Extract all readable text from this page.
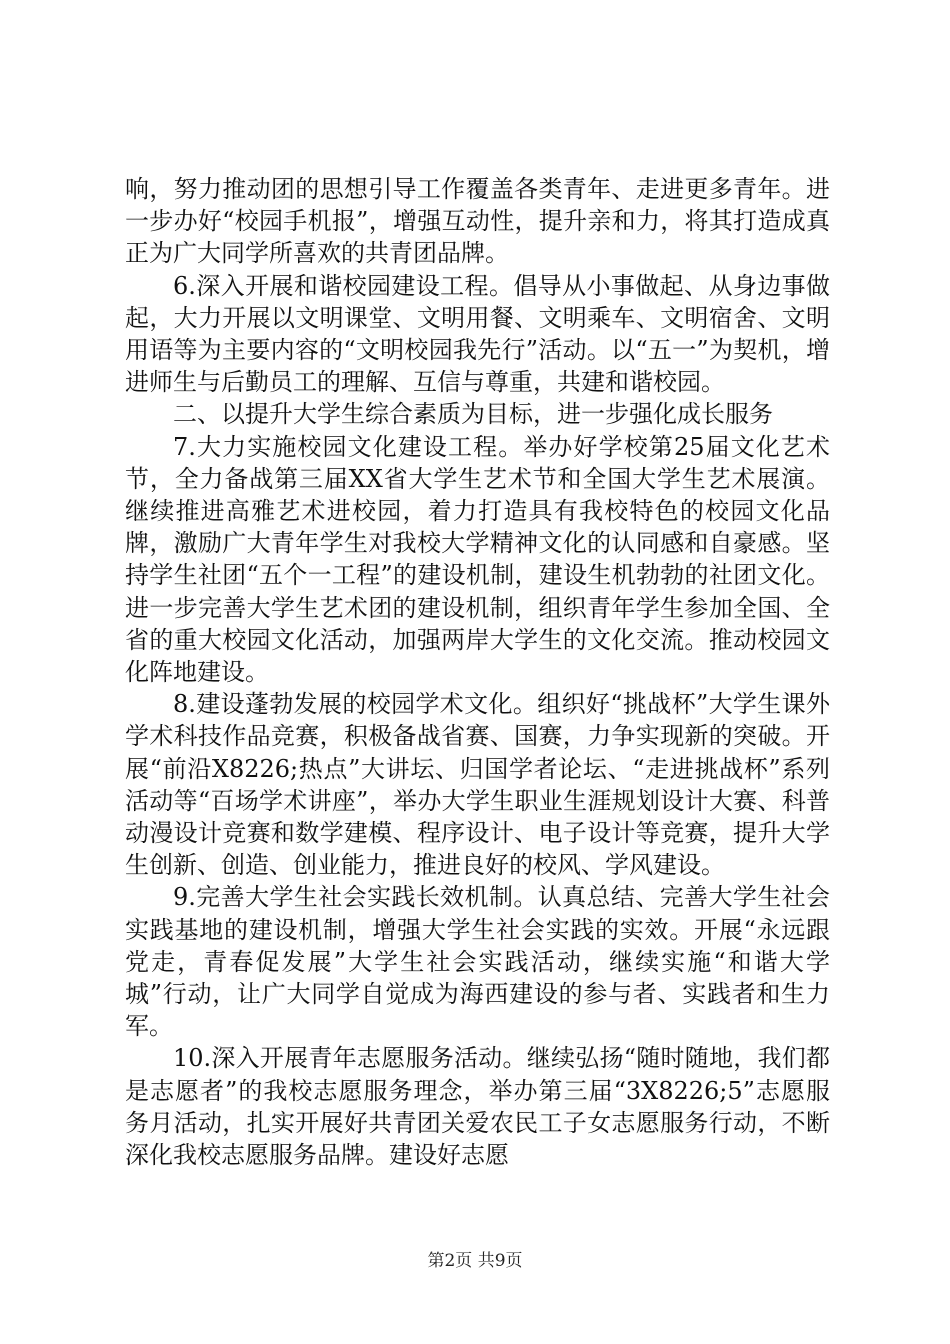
响，努力推动团的思想引导工作覆盖各类青年、走进更多青年。进一步办好“校园手机报”，增强互动性，提升亲和力，将其打造成真正为广大同学所喜欢的共青团品牌。

6.深入开展和谐校园建设工程。倡导从小事做起、从身边事做起，大力开展以文明课堂、文明用餐、文明乘车、文明宿舍、文明用语等为主要内容的“文明校园我先行”活动。以“五一”为契机，增进师生与后勤员工的理解、互信与尊重，共建和谐校园。

二、以提升大学生综合素质为目标，进一步强化成长服务

7.大力实施校园文化建设工程。举办好学校第25届文化艺术节，全力备战第三届XX省大学生艺术节和全国大学生艺术展演。继续推进高雅艺术进校园，着力打造具有我校特色的校园文化品牌，激励广大青年学生对我校大学精神文化的认同感和自豪感。坚持学生社团“五个一工程”的建设机制，建设生机勃勃的社团文化。进一步完善大学生艺术团的建设机制，组织青年学生参加全国、全省的重大校园文化活动，加强两岸大学生的文化交流。推动校园文化阵地建设。

8.建设蓬勃发展的校园学术文化。组织好“挑战杯”大学生课外学术科技作品竞赛，积极备战省赛、国赛，力争实现新的突破。开展“前沿X8226;热点”大讲坛、归国学者论坛、“走进挑战杯”系列活动等“百场学术讲座”，举办大学生职业生涯规划设计大赛、科普动漫设计竞赛和数学建模、程序设计、电子设计等竞赛，提升大学生创新、创造、创业能力，推进良好的校风、学风建设。

9.完善大学生社会实践长效机制。认真总结、完善大学生社会实践基地的建设机制，增强大学生社会实践的实效。开展“永远跟党走，青春促发展”大学生社会实践活动，继续实施“和谐大学城”行动，让广大同学自觉成为海西建设的参与者、实践者和生力军。

10.深入开展青年志愿服务活动。继续弘扬“随时随地，我们都是志愿者”的我校志愿服务理念，举办第三届“3X8226;5”志愿服务月活动，扎实开展好共青团关爱农民工子女志愿服务行动，不断深化我校志愿服务品牌。建设好志愿

第2页 共9页
